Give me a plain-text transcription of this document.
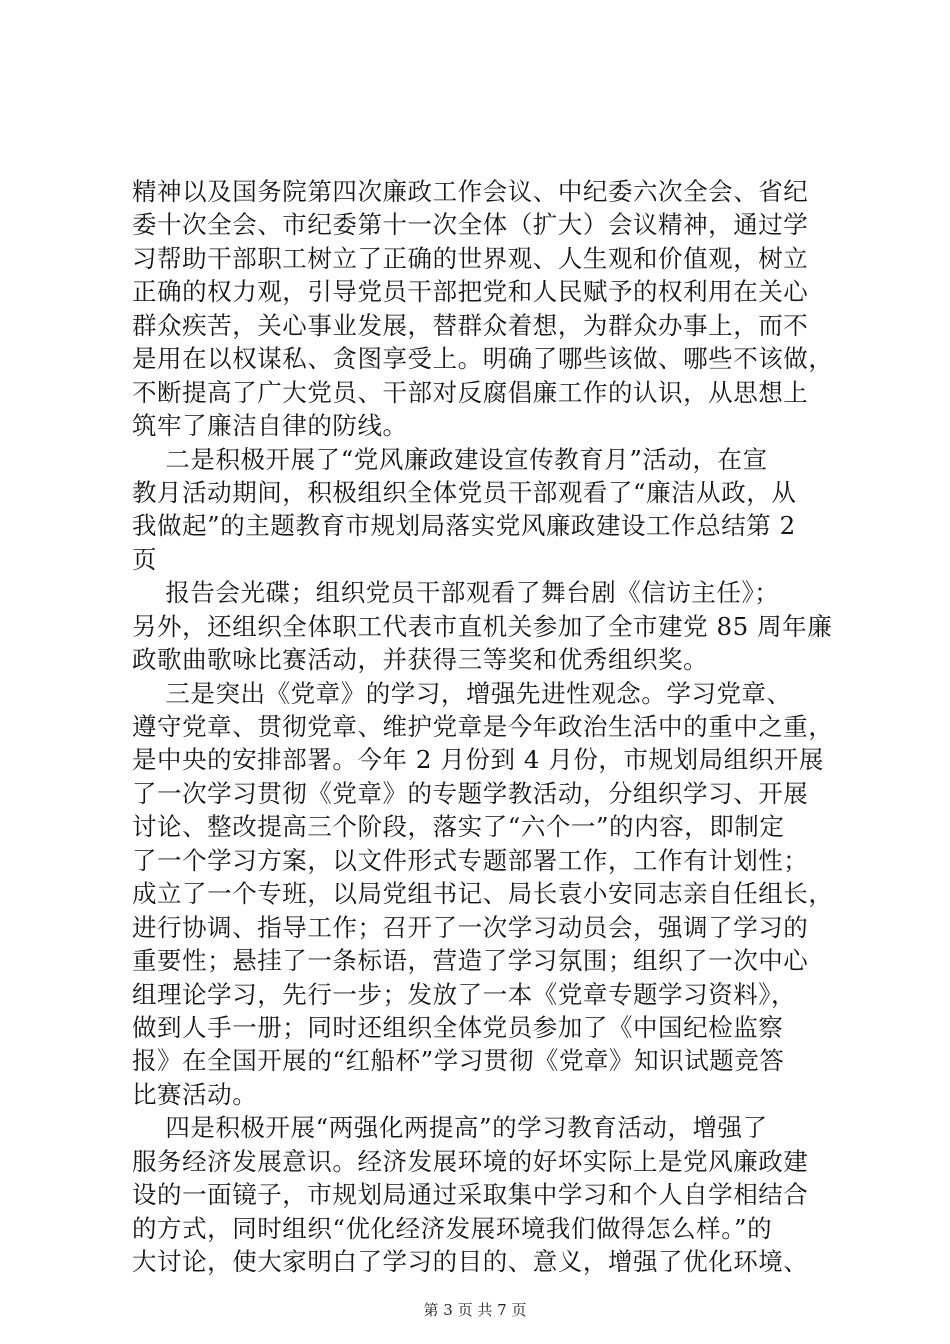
精神以及国务院第四次廉政工作会议、中纪委六次全会、省纪
委十次全会、市纪委第十一次全体（扩大）会议精神，通过学
习帮助干部职工树立了正确的世界观、人生观和价值观，树立
正确的权力观，引导党员干部把党和人民赋予的权利用在关心
群众疾苦，关心事业发展，替群众着想，为群众办事上，而不
是用在以权谋私、贪图享受上。明确了哪些该做、哪些不该做，
不断提高了广大党员、干部对反腐倡廉工作的认识，从思想上
筑牢了廉洁自律的防线。
二是积极开展了“党风廉政建设宣传教育月”活动，在宣
教月活动期间，积极组织全体党员干部观看了“廉洁从政，从
我做起”的主题教育市规划局落实党风廉政建设工作总结第 2
页
报告会光碟；组织党员干部观看了舞台剧《信访主任》；
另外，还组织全体职工代表市直机关参加了全市建党 85 周年廉
政歌曲歌咏比赛活动，并获得三等奖和优秀组织奖。
三是突出《党章》的学习，增强先进性观念。学习党章、
遵守党章、贯彻党章、维护党章是今年政治生活中的重中之重，
是中央的安排部署。今年 2 月份到 4 月份，市规划局组织开展
了一次学习贯彻《党章》的专题学教活动，分组织学习、开展
讨论、整改提高三个阶段，落实了“六个一”的内容，即制定
了一个学习方案，以文件形式专题部署工作，工作有计划性；
成立了一个专班，以局党组书记、局长袁小安同志亲自任组长，
进行协调、指导工作；召开了一次学习动员会，强调了学习的
重要性；悬挂了一条标语，营造了学习氛围；组织了一次中心
组理论学习，先行一步；发放了一本《党章专题学习资料》，
做到人手一册；同时还组织全体党员参加了《中国纪检监察
报》在全国开展的“红船杯”学习贯彻《党章》知识试题竞答
比赛活动。
四是积极开展“两强化两提高”的学习教育活动，增强了
服务经济发展意识。经济发展环境的好坏实际上是党风廉政建
设的一面镜子，市规划局通过采取集中学习和个人自学相结合
的方式，同时组织“优化经济发展环境我们做得怎么样。”的
大讨论，使大家明白了学习的目的、意义，增强了优化环境、
第 3 页 共 7 页
